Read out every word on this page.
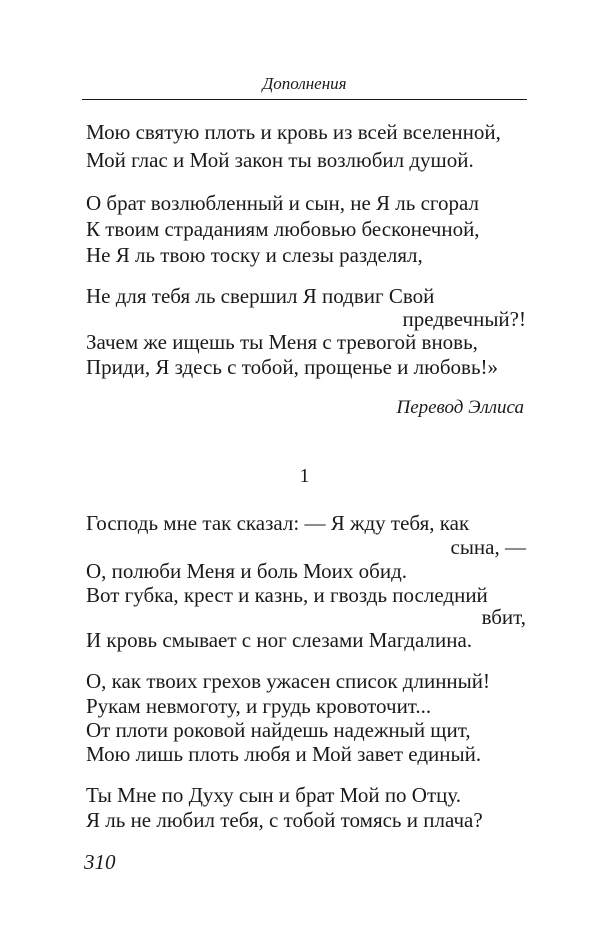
Дополнения
Мою святую плоть и кровь из всей вселенной,
Мой глас и Мой закон ты возлюбил душой.
О брат возлюбленный и сын, не Я ль сгорал
К твоим страданиям любовью бесконечной,
Не Я ль твою тоску и слезы разделял,
Не для тебя ль свершил Я подвиг Свой
предвечный?!
Зачем же ищешь ты Меня с тревогой вновь,
Приди, Я здесь с тобой, прощенье и любовь!»
Перевод Эллиса
1
Господь мне так сказал: — Я жду тебя, как
сына, —
О, полюби Меня и боль Моих обид.
Вот губка, крест и казнь, и гвоздь последний
вбит,
И кровь смывает с ног слезами Магдалина.
О, как твоих грехов ужасен список длинный!
Рукам невмоготу, и грудь кровоточит...
От плоти роковой найдешь надежный щит,
Мою лишь плоть любя и Мой завет единый.
Ты Мне по Духу сын и брат Мой по Отцу.
Я ль не любил тебя, с тобой томясь и плача?
310
